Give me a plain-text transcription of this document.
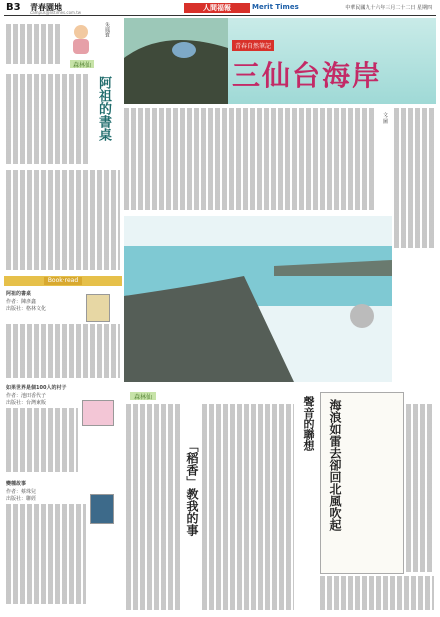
B3 青春園地
campus@listimes.com.tw
人間福報	Merit Times	中華民國九十六年三月二十二日 星期四
朱鳳寶
森林仙
阿祖的書桌
Book·read
阿祖的書桌
作者：陳彥鑫
出版社：格林文化
如果世界是個100人的村子
作者：池田香代子
出版社：台灣東販
變種故事
作者：蔡珠兒
出版社：聯經
青春自然筆記
三仙台海岸
文‧圖
森林仙
「稻香」教我的事
聲音的聯想 海浪如雷去卻回北風吹起
